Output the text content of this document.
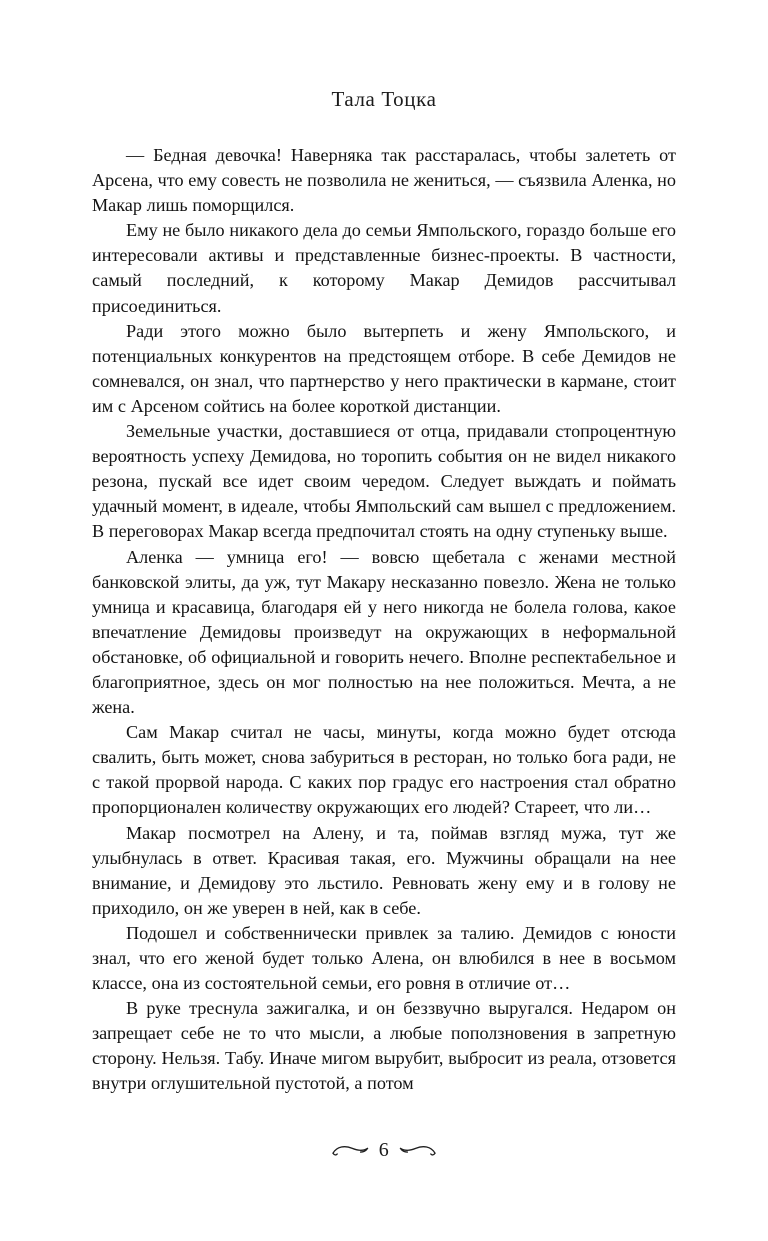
Тала Тоцка

— Бедная девочка! Наверняка так расстаралась, чтобы залететь от Арсена, что ему совесть не позволила не жениться, — съязвила Аленка, но Макар лишь поморщился.

Ему не было никакого дела до семьи Ямпольского, гораздо больше его интересовали активы и представленные бизнес-проекты. В частности, самый последний, к которому Макар Демидов рассчитывал присоединиться.

Ради этого можно было вытерпеть и жену Ямпольского, и потенциальных конкурентов на предстоящем отборе. В себе Демидов не сомневался, он знал, что партнерство у него практически в кармане, стоит им с Арсеном сойтись на более короткой дистанции.

Земельные участки, доставшиеся от отца, придавали стопроцентную вероятность успеху Демидова, но торопить события он не видел никакого резона, пускай все идет своим чередом. Следует выждать и поймать удачный момент, в идеале, чтобы Ямпольский сам вышел с предложением. В переговорах Макар всегда предпочитал стоять на одну ступеньку выше.

Аленка — умница его! — вовсю щебетала с женами местной банковской элиты, да уж, тут Макару несказанно повезло. Жена не только умница и красавица, благодаря ей у него никогда не болела голова, какое впечатление Демидовы произведут на окружающих в неформальной обстановке, об официальной и говорить нечего. Вполне респектабельное и благоприятное, здесь он мог полностью на нее положиться. Мечта, а не жена.

Сам Макар считал не часы, минуты, когда можно будет отсюда свалить, быть может, снова забуриться в ресторан, но только бога ради, не с такой прорвой народа. С каких пор градус его настроения стал обратно пропорционален количеству окружающих его людей? Стареет, что ли…

Макар посмотрел на Алену, и та, поймав взгляд мужа, тут же улыбнулась в ответ. Красивая такая, его. Мужчины обращали на нее внимание, и Демидову это льстило. Ревновать жену ему и в голову не приходило, он же уверен в ней, как в себе.

Подошел и собственнически привлек за талию. Демидов с юности знал, что его женой будет только Алена, он влюбился в нее в восьмом классе, она из состоятельной семьи, его ровня в отличие от…

В руке треснула зажигалка, и он беззвучно выругался. Недаром он запрещает себе не то что мысли, а любые поползновения в запретную сторону. Нельзя. Табу. Иначе мигом вырубит, выбросит из реала, отзовется внутри оглушительной пустотой, а потом

6
